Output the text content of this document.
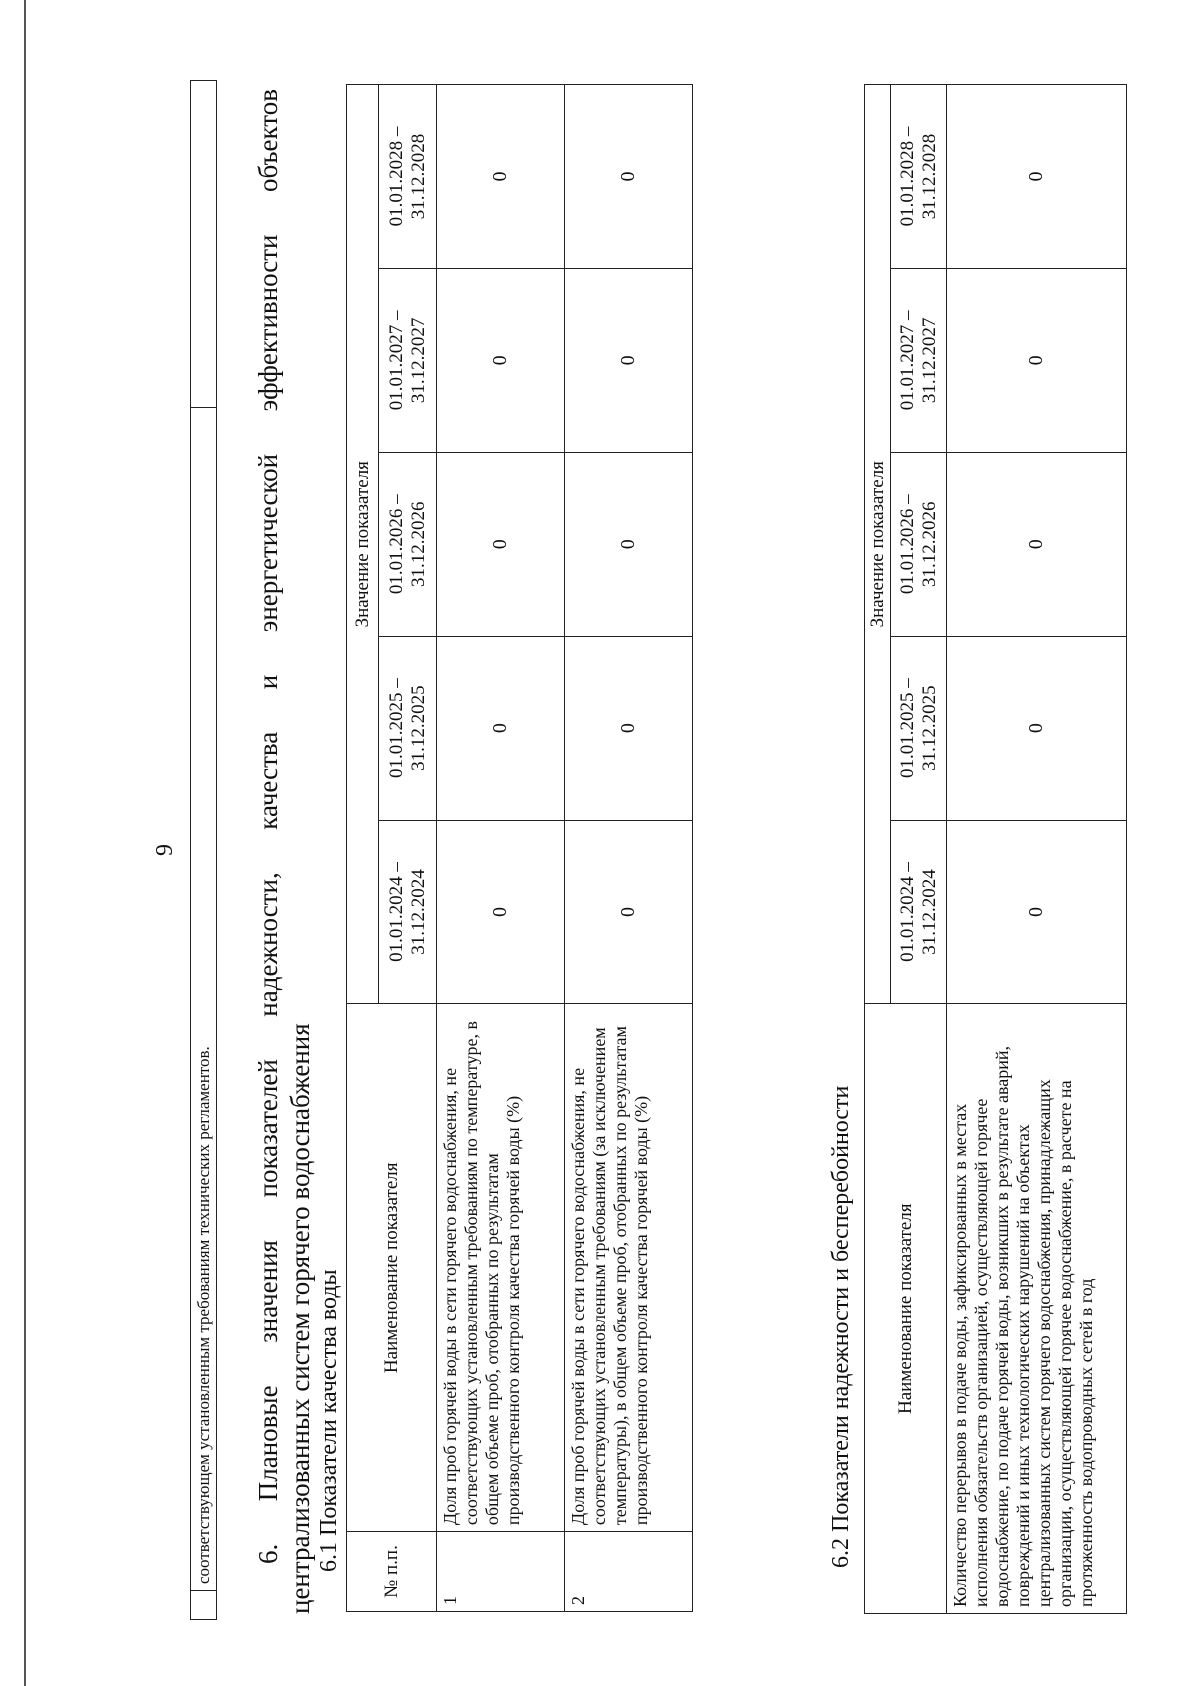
9
	соответствующем установленным требованиям технических регламентов.	6. Плановые значения показателей надежности, качества и энергетической эффективности объектов централизованных систем горячего водоснабжения 6.1 Показатели качества воды № п.п.	Наименование показателя	Значение показателя				
		01.01.2024 – 31.12.2024	01.01.2025 – 31.12.2025	01.01.2026 – 31.12.2026	01.01.2027 – 31.12.2027	01.01.2028 – 31.12.2028
1	Доля проб горячей воды в сети горячего водоснабжения, не соответствующих установленным требованиям по температуре, в общем объеме проб, отобранных по результатам производственного контроля качества горячей воды (%)	0	0	0	0	0
2	Доля проб горячей воды в сети горячего водоснабжения, не соответствующих установленным требованиям (за исключением температуры), в общем объеме проб, отобранных по результатам производственного контроля качества горячей воды (%)	0	0	0	0	0
6.2 Показатели надежности и бесперебойности Наименование показателя	Значение показателя				
	01.01.2024 – 31.12.2024	01.01.2025 – 31.12.2025	01.01.2026 – 31.12.2026	01.01.2027 – 31.12.2027	01.01.2028 – 31.12.2028
Количество перерывов в подаче воды, зафиксированных в местах исполнения обязательств организацией, осуществляющей горячее водоснабжение, по подаче горячей воды, возникших в результате аварий, повреждений и иных технологических нарушений на объектах централизованных систем горячего водоснабжения, принадлежащих организации, осуществляющей горячее водоснабжение, в расчете на протяженность водопроводных сетей в год	0	0	0	0	0
